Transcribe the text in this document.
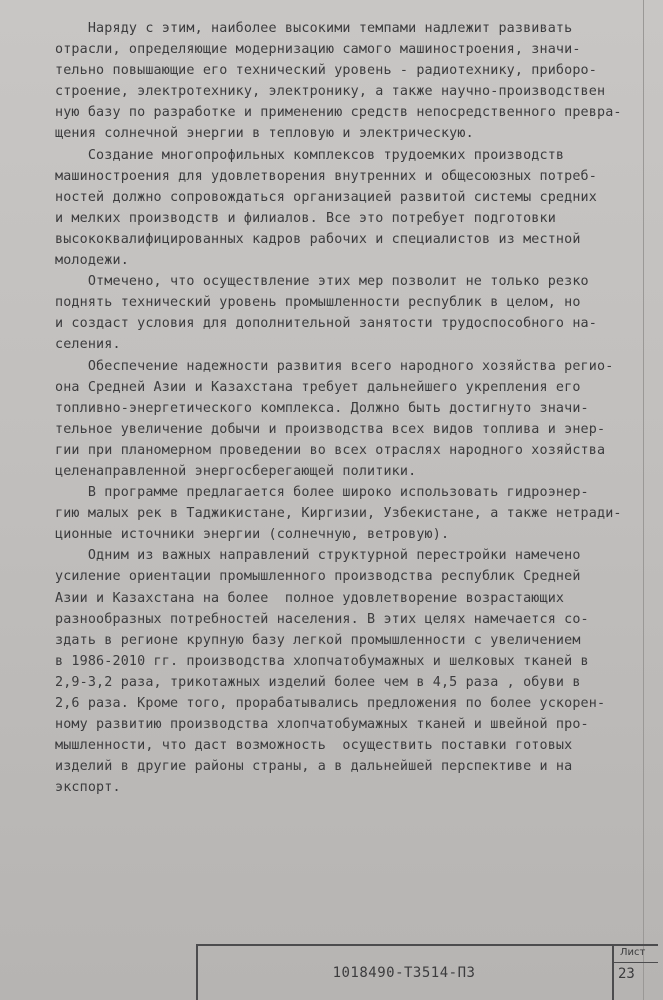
Наряду с этим, наиболее высокими темпами надлежит развивать
отрасли, определяющие модернизацию самого машиностроения, значи-
тельно повышающие его технический уровень - радиотехнику, приборо-
строение, электротехнику, электронику, а также научно-производствен
ную базу по разработке и применению средств непосредственного превра-
щения солнечной энергии в тепловую и электрическую.
Создание многопрофильных комплексов трудоемких производств
машиностроения для удовлетворения внутренних и общесоюзных потреб-
ностей должно сопровождаться организацией развитой системы средних
и мелких производств и филиалов. Все это потребует подготовки
высококвалифицированных кадров рабочих и специалистов из местной
молодежи.
Отмечено, что осуществление этих мер позволит не только резко
поднять технический уровень промышленности республик в целом, но
и создаст условия для дополнительной занятости трудоспособного на-
селения.
Обеспечение надежности развития всего народного хозяйства регио-
она Средней Азии и Казахстана требует дальнейшего укрепления его
топливно-энергетического комплекса. Должно быть достигнуто значи-
тельное увеличение добычи и производства всех видов топлива и энер-
гии при планомерном проведении во всех отраслях народного хозяйства
целенаправленной энергосберегающей политики.
В программе предлагается более широко использовать гидроэнер-
гию малых рек в Таджикистане, Киргизии, Узбекистане, а также нетради-
ционные источники энергии (солнечную, ветровую).
Одним из важных направлений структурной перестройки намечено
усиление ориентации промышленного производства республик Средней
Азии и Казахстана на более  полное удовлетворение возрастающих
разнообразных потребностей населения. В этих целях намечается со-
здать в регионе крупную базу легкой промышленности с увеличением
в 1986-2010 гг. производства хлопчатобумажных и шелковых тканей в
2,9-3,2 раза, трикотажных изделий более чем в 4,5 раза , обуви в
2,6 раза. Кроме того, прорабатывались предложения по более ускорен-
ному развитию производства хлопчатобумажных тканей и швейной про-
мышленности, что даст возможность  осуществить поставки готовых
изделий в другие районы страны, а в дальнейшей перспективе и на
экспорт.
1018490-Т3514-ПЗ
Лист
23
